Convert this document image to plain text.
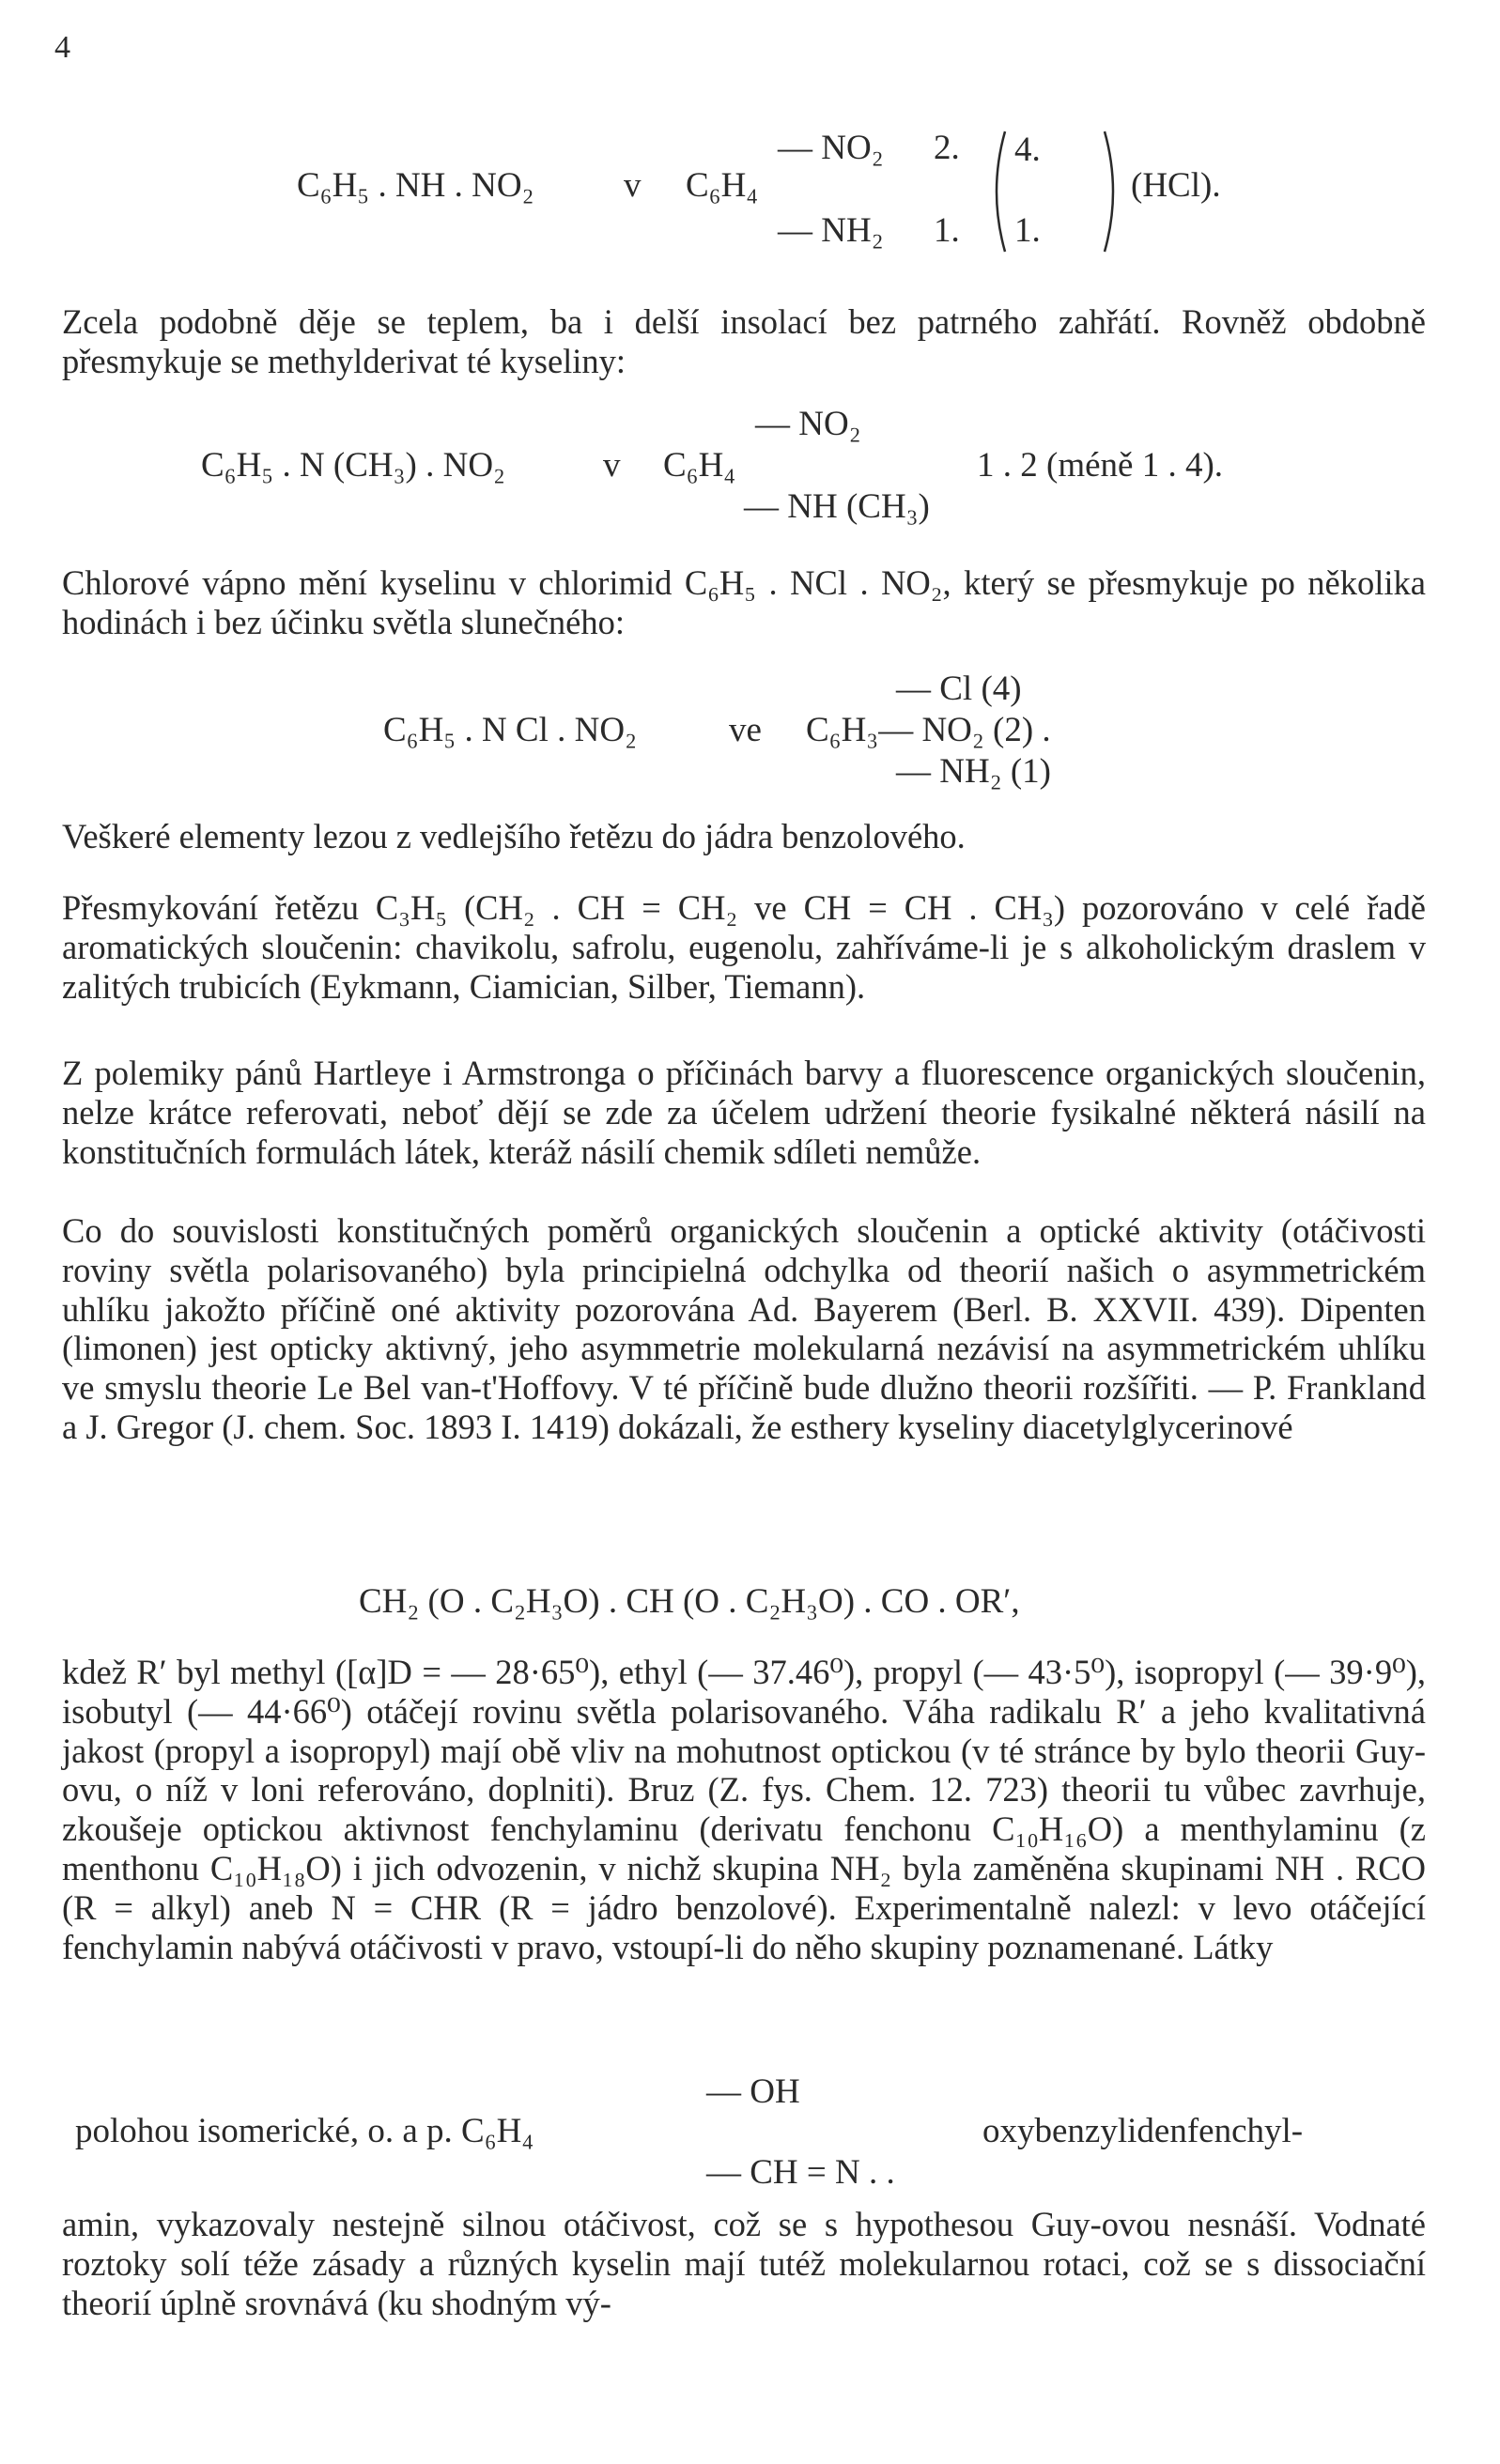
4
— NO₂ 2.
C₆H₅ . NH . NO₂	v C₆H₄
— NH₂ 1.
4.
1.
(HCl).
Zcela podobně děje se teplem, ba i delší insolací bez patrného zahřátí. Rovněž obdobně přesmykuje se methylderivat té kyseliny:
— NO₂
C₆H₅ . N (CH₃) . NO₂	v C₆H₄	1 . 2 (méně 1 . 4).
— NH (CH₃)
Chlorové vápno mění kyselinu v chlorimid C₆H₅ . NCl . NO₂, který se přesmykuje po několika hodinách i bez účinku světla slunečného:
— Cl (4)
C₆H₅ . N Cl . NO₂	ve C₆H₃— NO₂ (2) .
— NH₂ (1)
Veškeré elementy lezou z vedlejšího řetězu do jádra benzolového.
Přesmykování řetězu C₃H₅ (CH₂ . CH = CH₂ ve CH = CH . CH₃) pozorováno v celé řadě aromatických sloučenin: chavikolu, safrolu, eugenolu, zahříváme-li je s alkoholickým draslem v zalitých trubicích (Eykmann, Ciamician, Silber, Tiemann).
Z polemiky pánů Hartleye i Armstronga o příčinách barvy a fluorescence organických sloučenin, nelze krátce referovati, neboť dějí se zde za účelem udržení theorie fysikalné některá násilí na konstitučních formulách látek, kteráž násilí chemik sdíleti nemůže.
Co do souvislosti konstitučných poměrů organických sloučenin a optické aktivity (otáčivosti roviny světla polarisovaného) byla principielná odchylka od theorií našich o asymmetrickém uhlíku jakožto příčině oné aktivity pozorována Ad. Bayerem (Berl. B. XXVII. 439). Dipenten (limonen) jest opticky aktivný, jeho asymmetrie molekularná nezávisí na asymmetrickém uhlíku ve smyslu theorie Le Bel van-t'Hoffovy. V té příčině bude dlužno theorii rozšířiti. — P. Frankland a J. Gregor (J. chem. Soc. 1893 I. 1419) dokázali, že esthery kyseliny diacetylglycerinové
CH₂ (O . C₂H₃O) . CH (O . C₂H₃O) . CO . OR′,
kdež R′ byl methyl ([α]D = — 28·65⁰), ethyl (— 37.46⁰), propyl (— 43·5⁰), isopropyl (— 39·9⁰), isobutyl (— 44·66⁰) otáčejí rovinu světla polarisovaného. Váha radikalu R′ a jeho kvalitativná jakost (propyl a isopropyl) mají obě vliv na mohutnost optickou (v té stránce by bylo theorii Guy-ovu, o níž v loni referováno, doplniti). Bruz (Z. fys. Chem. 12. 723) theorii tu vůbec zavrhuje, zkoušeje optickou aktivnost fenchylaminu (derivatu fenchonu C₁₀H₁₆O) a menthylaminu (z menthonu C₁₀H₁₈O) i jich odvozenin, v nichž skupina NH₂ byla zaměněna skupinami NH . RCO (R = alkyl) aneb N = CHR (R = jádro benzolové). Experimentalně nalezl: v levo otáčející fenchylamin nabývá otáčivosti v pravo, vstoupí-li do něho skupiny poznamenané. Látky
— OH
polohou isomerické, o. a p. C₆H₄	oxybenzylidenfenchyl-
— CH = N . .
amin, vykazovaly nestejně silnou otáčivost, což se s hypothesou Guy-ovou nesnáší. Vodnaté roztoky solí téže zásady a různých kyselin mají tutéž molekularnou rotaci, což se s dissociační theorií úplně srovnává (ku shodným vý-
